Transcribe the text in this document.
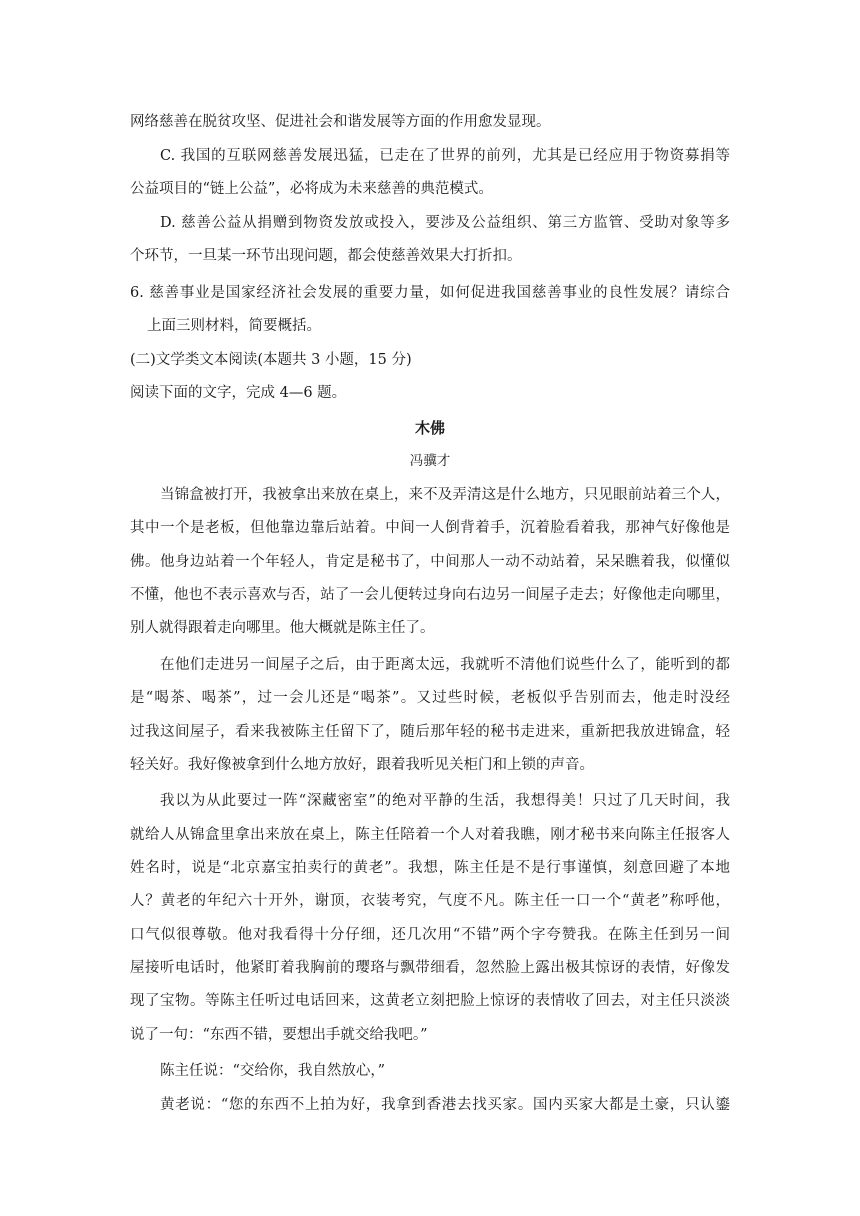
木佛
冯骥才
网络慈善在脱贫攻坚、促进社会和谐发展等方面的作用愈发显现。
C. 我国的互联网慈善发展迅猛，已走在了世界的前列，尤其是已经应用于物资募捐等
公益项目的“链上公益”，必将成为未来慈善的典范模式。
D. 慈善公益从捐赠到物资发放或投入，要涉及公益组织、第三方监管、受助对象等多
个环节，一旦某一环节出现问题，都会使慈善效果大打折扣。
6. 慈善事业是国家经济社会发展的重要力量，如何促进我国慈善事业的良性发展？请综合
上面三则材料，简要概括。
(二)文学类文本阅读(本题共 3 小题，15 分)
阅读下面的文字，完成 4—6 题。
当锦盒被打开，我被拿出来放在桌上，来不及弄清这是什么地方，只见眼前站着三个人，
其中一个是老板，但他靠边靠后站着。中间一人倒背着手，沉着脸看着我，那神气好像他是
佛。他身边站着一个年轻人，肯定是秘书了，中间那人一动不动站着，呆呆瞧着我，似懂似
不懂，他也不表示喜欢与否，站了一会儿便转过身向右边另一间屋子走去；好像他走向哪里，
别人就得跟着走向哪里。他大概就是陈主任了。
在他们走进另一间屋子之后，由于距离太远，我就听不清他们说些什么了，能听到的都
是“喝茶、喝茶”，过一会儿还是“喝茶”。又过些时候，老板似乎告别而去，他走时没经
过我这间屋子，看来我被陈主任留下了，随后那年轻的秘书走进来，重新把我放进锦盒，轻
轻关好。我好像被拿到什么地方放好，跟着我听见关柜门和上锁的声音。
我以为从此要过一阵“深藏密室”的绝对平静的生活，我想得美！只过了几天时间，我
就给人从锦盒里拿出来放在桌上，陈主任陪着一个人对着我瞧，刚才秘书来向陈主任报客人
姓名时，说是“北京嘉宝拍卖行的黄老”。我想，陈主任是不是行事谨慎，刻意回避了本地
人？黄老的年纪六十开外，谢顶，衣装考究，气度不凡。陈主任一口一个“黄老”称呼他，
口气似很尊敬。他对我看得十分仔细，还几次用“不错”两个字夸赞我。在陈主任到另一间
屋接听电话时，他紧盯着我胸前的璎珞与飘带细看，忽然脸上露出极其惊讶的表情，好像发
现了宝物。等陈主任听过电话回来，这黄老立刻把脸上惊讶的表情收了回去，对主任只淡淡
说了一句：“东西不错，要想出手就交给我吧。”
陈主任说：“交给你，我自然放心，”
黄老说：“您的东西不上拍为好，我拿到香港去找买家。国内买家大都是土豪，只认鎏
